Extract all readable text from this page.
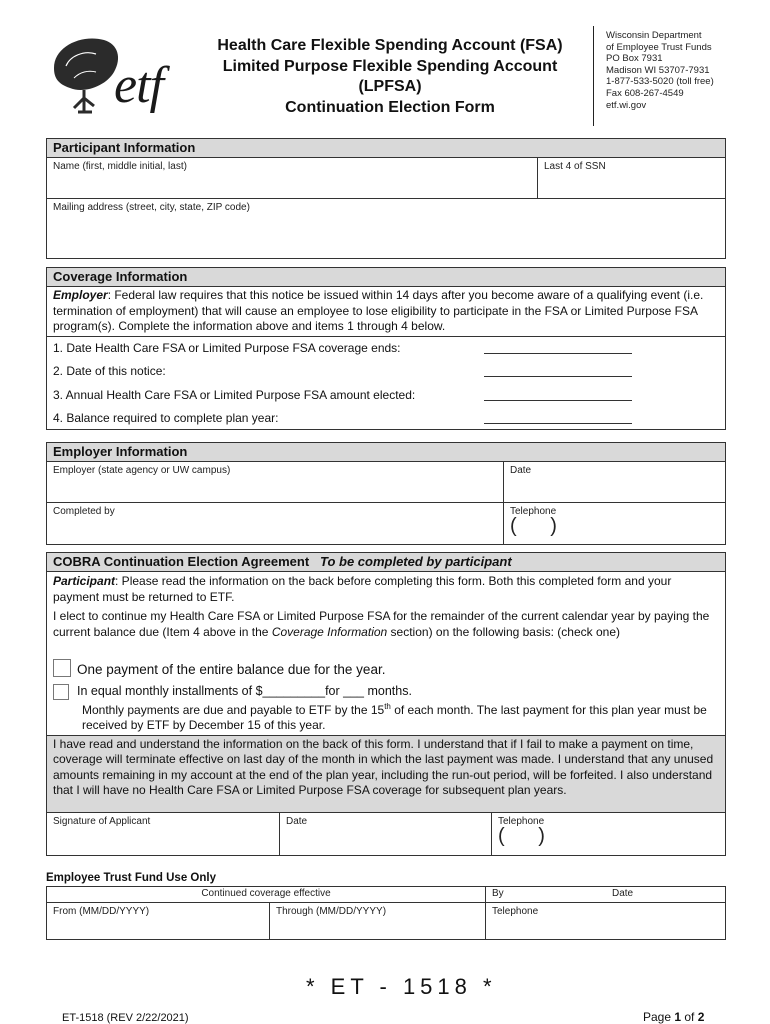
etf
Health Care Flexible Spending Account (FSA)
Limited Purpose Flexible Spending Account
(LPFSA)
Continuation Election Form
Wisconsin Department
of Employee Trust Funds
PO Box 7931
Madison WI 53707-7931
1-877-533-5020 (toll free)
Fax 608-267-4549
etf.wi.gov
Participant Information
Name (first, middle initial, last)	Last 4 of SSN
Mailing address (street, city, state, ZIP code)
Coverage Information
Employer: Federal law requires that this notice be issued within 14 days after you become aware of a qualifying event (i.e. termination of employment) that will cause an employee to lose eligibility to participate in the FSA or Limited Purpose FSA program(s). Complete the information above and items 1 through 4 below.
1. Date Health Care FSA or Limited Purpose FSA coverage ends:
2. Date of this notice:
3. Annual Health Care FSA or Limited Purpose FSA amount elected:
4. Balance required to complete plan year:
Employer Information
Employer (state agency or UW campus)	Date
Completed by	Telephone
( )
COBRA Continuation Election Agreement To be completed by participant
Participant: Please read the information on the back before completing this form. Both this completed form and your payment must be returned to ETF.
I elect to continue my Health Care FSA or Limited Purpose FSA for the remainder of the current calendar year by paying the current balance due (Item 4 above in the Coverage Information section) on the following basis: (check one)
One payment of the entire balance due for the year.
In equal monthly installments of $_________for ___ months.
Monthly payments are due and payable to ETF by the 15th of each month. The last payment for this plan year must be received by ETF by December 15 of this year.
I have read and understand the information on the back of this form. I understand that if I fail to make a payment on time, coverage will terminate effective on last day of the month in which the last payment was made. I understand that any unused amounts remaining in my account at the end of the plan year, including the run-out period, will be forfeited. I also understand that I will have no Health Care FSA or Limited Purpose FSA coverage for subsequent plan years.
Signature of Applicant	Date	Telephone
( )
Employee Trust Fund Use Only
Continued coverage effective	By	Date
From (MM/DD/YYYY)	Through (MM/DD/YYYY)	Telephone
ET-1518 (REV 2/22/2021)
* ET - 1518 *
Page 1 of 2
